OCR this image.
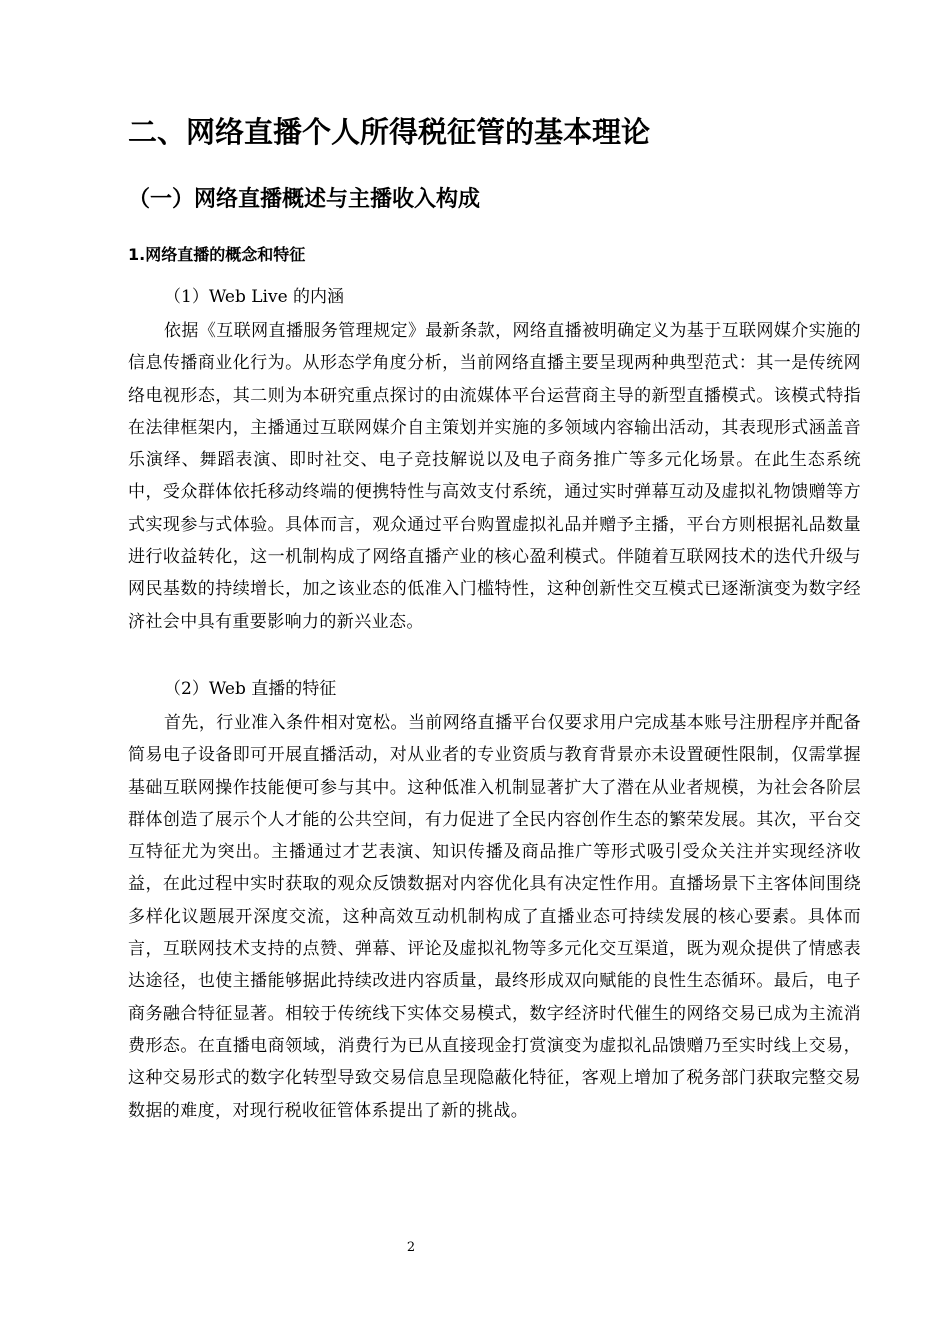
二、网络直播个人所得税征管的基本理论
（一）网络直播概述与主播收入构成
1.网络直播的概念和特征
（1）Web Live 的内涵
依据《互联网直播服务管理规定》最新条款，网络直播被明确定义为基于互联网媒介实施的信息传播商业化行为。从形态学角度分析，当前网络直播主要呈现两种典型范式：其一是传统网络电视形态，其二则为本研究重点探讨的由流媒体平台运营商主导的新型直播模式。该模式特指在法律框架内，主播通过互联网媒介自主策划并实施的多领域内容输出活动，其表现形式涵盖音乐演绎、舞蹈表演、即时社交、电子竞技解说以及电子商务推广等多元化场景。在此生态系统中，受众群体依托移动终端的便携特性与高效支付系统，通过实时弹幕互动及虚拟礼物馈赠等方式实现参与式体验。具体而言，观众通过平台购置虚拟礼品并赠予主播，平台方则根据礼品数量进行收益转化，这一机制构成了网络直播产业的核心盈利模式。伴随着互联网技术的迭代升级与网民基数的持续增长，加之该业态的低准入门槛特性，这种创新性交互模式已逐渐演变为数字经济社会中具有重要影响力的新兴业态。
（2）Web 直播的特征
首先，行业准入条件相对宽松。当前网络直播平台仅要求用户完成基本账号注册程序并配备简易电子设备即可开展直播活动，对从业者的专业资质与教育背景亦未设置硬性限制，仅需掌握基础互联网操作技能便可参与其中。这种低准入机制显著扩大了潜在从业者规模，为社会各阶层群体创造了展示个人才能的公共空间，有力促进了全民内容创作生态的繁荣发展。其次，平台交互特征尤为突出。主播通过才艺表演、知识传播及商品推广等形式吸引受众关注并实现经济收益，在此过程中实时获取的观众反馈数据对内容优化具有决定性作用。直播场景下主客体间围绕多样化议题展开深度交流，这种高效互动机制构成了直播业态可持续发展的核心要素。具体而言，互联网技术支持的点赞、弹幕、评论及虚拟礼物等多元化交互渠道，既为观众提供了情感表达途径，也使主播能够据此持续改进内容质量，最终形成双向赋能的良性生态循环。最后，电子商务融合特征显著。相较于传统线下实体交易模式，数字经济时代催生的网络交易已成为主流消费形态。在直播电商领域，消费行为已从直接现金打赏演变为虚拟礼品馈赠乃至实时线上交易，这种交易形式的数字化转型导致交易信息呈现隐蔽化特征，客观上增加了税务部门获取完整交易数据的难度，对现行税收征管体系提出了新的挑战。
2
